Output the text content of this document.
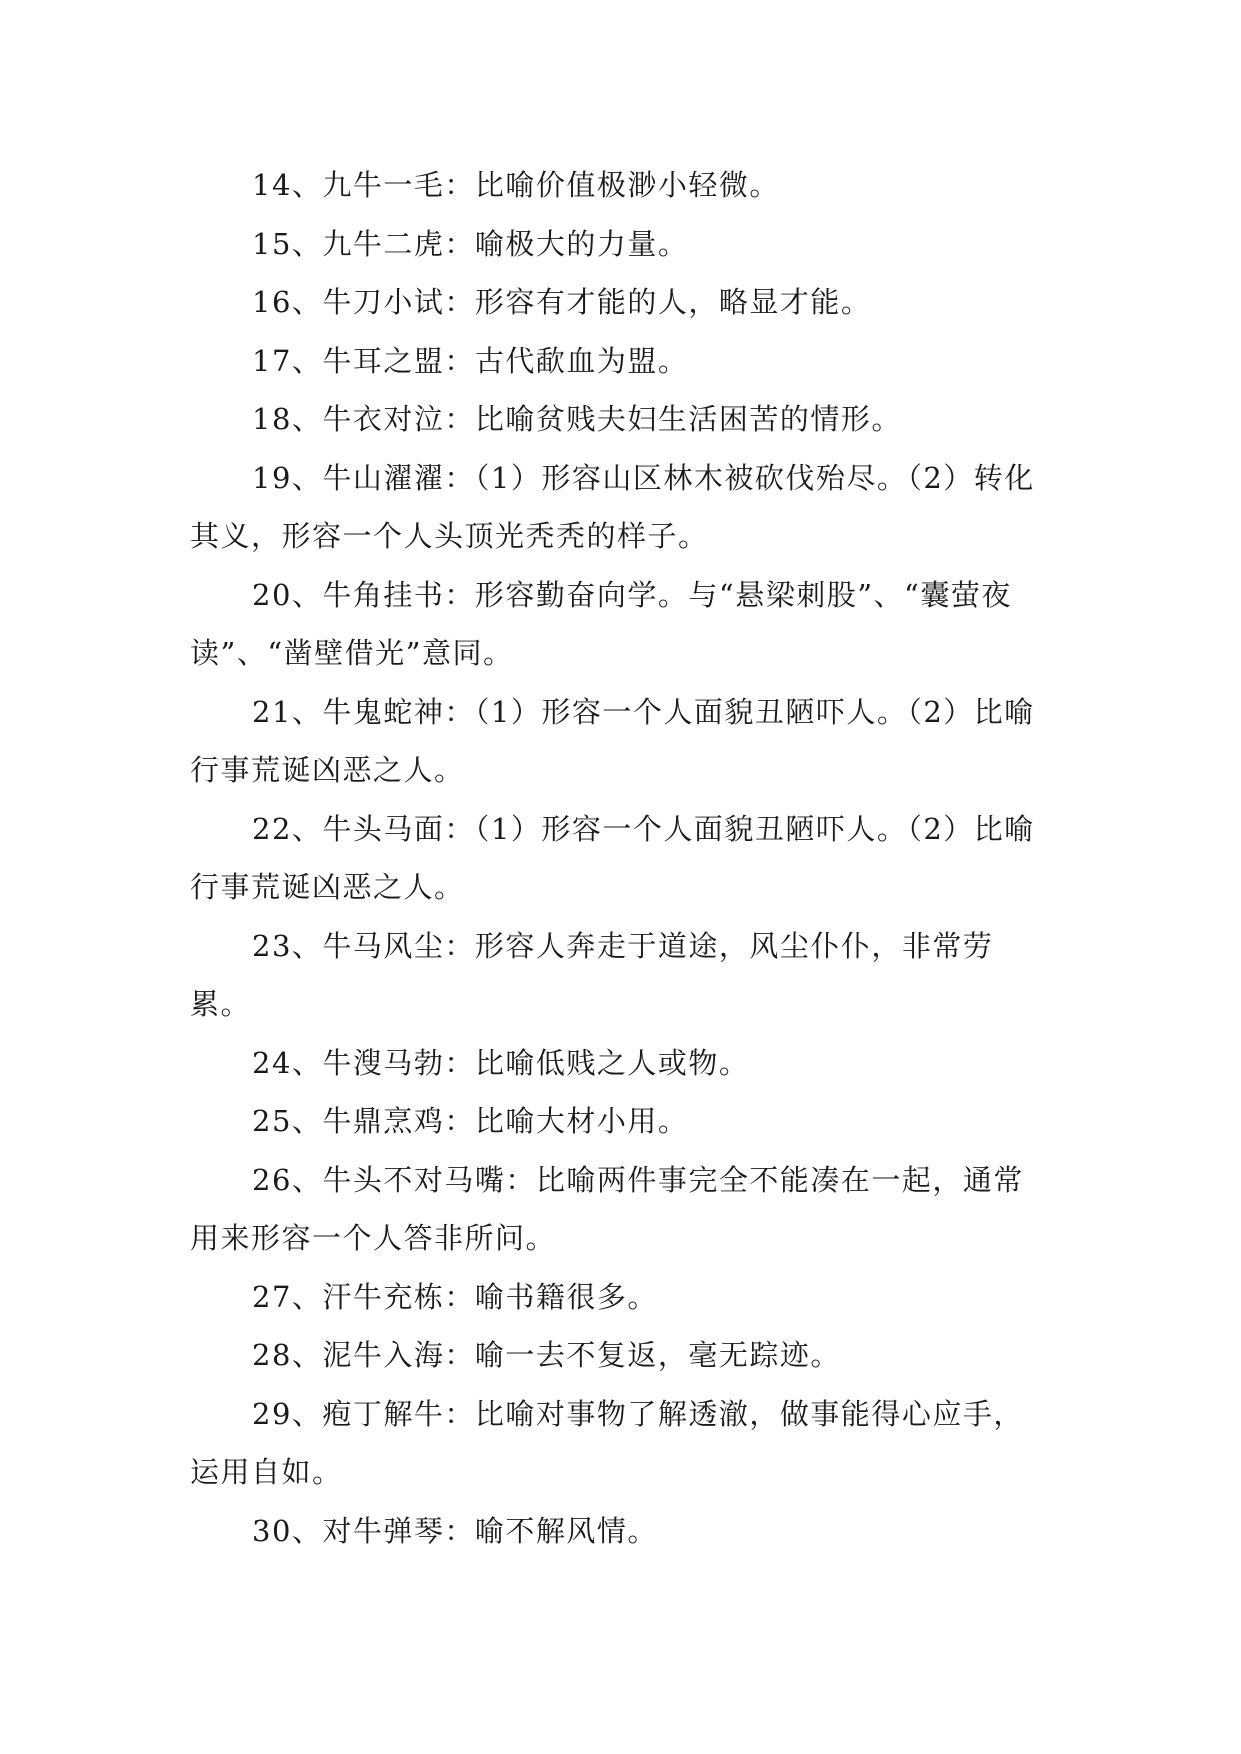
14、九牛一毛：比喻价值极渺小轻微。

15、九牛二虎：喻极大的力量。

16、牛刀小试：形容有才能的人，略显才能。

17、牛耳之盟：古代歃血为盟。

18、牛衣对泣：比喻贫贱夫妇生活困苦的情形。

19、牛山濯濯：（1）形容山区林木被砍伐殆尽。（2）转化其义，形容一个人头顶光秃秃的样子。

20、牛角挂书：形容勤奋向学。与“悬梁刺股”、“囊萤夜读”、“凿壁借光”意同。

21、牛鬼蛇神：（1）形容一个人面貌丑陋吓人。（2）比喻行事荒诞凶恶之人。

22、牛头马面：（1）形容一个人面貌丑陋吓人。（2）比喻行事荒诞凶恶之人。

23、牛马风尘：形容人奔走于道途，风尘仆仆，非常劳累。

24、牛溲马勃：比喻低贱之人或物。

25、牛鼎烹鸡：比喻大材小用。

26、牛头不对马嘴：比喻两件事完全不能凑在一起，通常用来形容一个人答非所问。

27、汗牛充栋：喻书籍很多。

28、泥牛入海：喻一去不复返，毫无踪迹。

29、疱丁解牛：比喻对事物了解透澈，做事能得心应手，运用自如。

30、对牛弹琴：喻不解风情。
